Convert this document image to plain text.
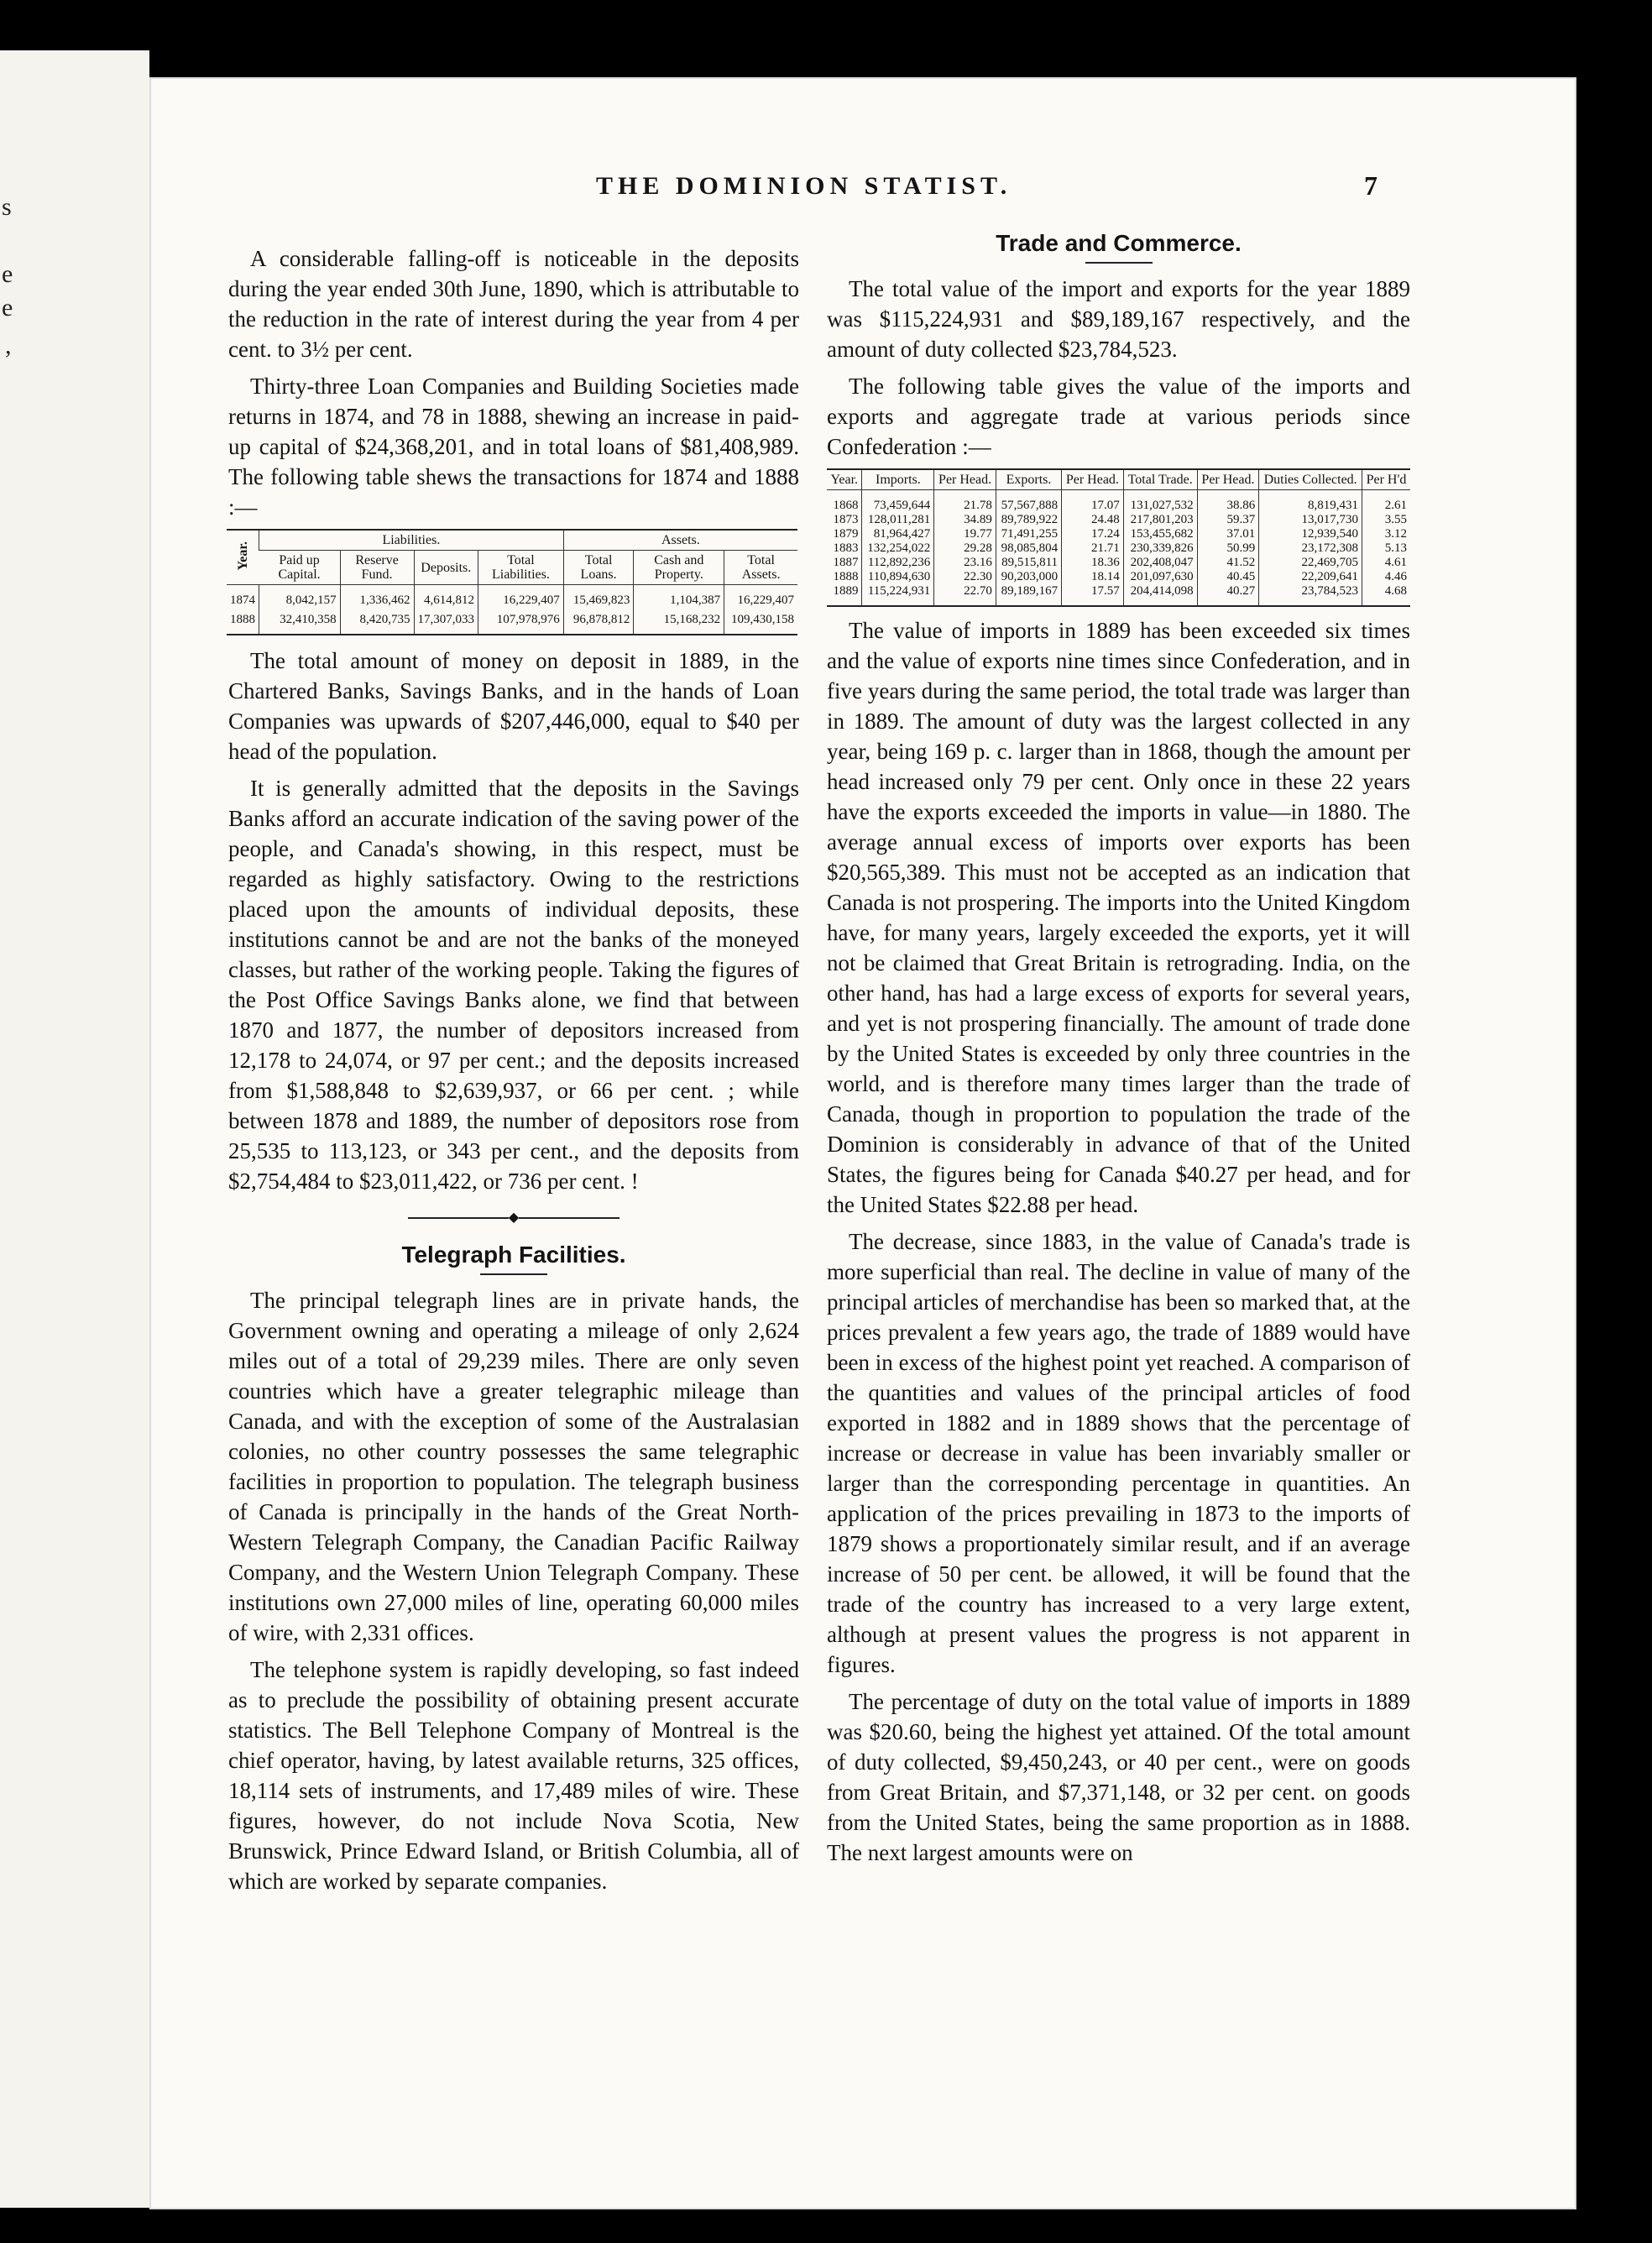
s
e
e
,
THE DOMINION STATIST.	7

A considerable falling-off is noticeable in the deposits during the year ended 30th June, 1890, which is attributable to the reduction in the rate of interest during the year from 4 per cent. to 3½ per cent.

Thirty-three Loan Companies and Building Societies made returns in 1874, and 78 in 1888, shewing an increase in paid-up capital of $24,368,201, and in total loans of $81,408,989. The following table shews the transactions for 1874 and 1888 :—

Year.	Liabilities.				Assets.		
	Paid up Capital.	Reserve Fund.	Deposits.	Total Liabilities.	Total Loans.	Cash and Property.	Total Assets.
1874	8,042,157	1,336,462	4,614,812	16,229,407	15,469,823	1,104,387	16,229,407
1888	32,410,358	8,420,735	17,307,033	107,978,976	96,878,812	15,168,232	109,430,158

The total amount of money on deposit in 1889, in the Chartered Banks, Savings Banks, and in the hands of Loan Companies was upwards of $207,446,000, equal to $40 per head of the population.

It is generally admitted that the deposits in the Savings Banks afford an accurate indication of the saving power of the people, and Canada's showing, in this respect, must be regarded as highly satisfactory. Owing to the restrictions placed upon the amounts of individual deposits, these institutions cannot be and are not the banks of the moneyed classes, but rather of the working people. Taking the figures of the Post Office Savings Banks alone, we find that between 1870 and 1877, the number of depositors increased from 12,178 to 24,074, or 97 per cent.; and the deposits increased from $1,588,848 to $2,639,937, or 66 per cent. ; while between 1878 and 1889, the number of depositors rose from 25,535 to 113,123, or 343 per cent., and the deposits from $2,754,484 to $23,011,422, or 736 per cent. !

◆
Telegraph Facilities.

The principal telegraph lines are in private hands, the Government owning and operating a mileage of only 2,624 miles out of a total of 29,239 miles. There are only seven countries which have a greater telegraphic mileage than Canada, and with the exception of some of the Australasian colonies, no other country possesses the same telegraphic facilities in proportion to population. The telegraph business of Canada is principally in the hands of the Great North-Western Telegraph Company, the Canadian Pacific Railway Company, and the Western Union Telegraph Company. These institutions own 27,000 miles of line, operating 60,000 miles of wire, with 2,331 offices.

The telephone system is rapidly developing, so fast indeed as to preclude the possibility of obtaining present accurate statistics. The Bell Telephone Company of Montreal is the chief operator, having, by latest available returns, 325 offices, 18,114 sets of instruments, and 17,489 miles of wire. These figures, however, do not include Nova Scotia, New Brunswick, Prince Edward Island, or British Columbia, all of which are worked by separate companies.

Trade and Commerce.

The total value of the import and exports for the year 1889 was $115,224,931 and $89,189,167 respectively, and the amount of duty collected $23,784,523.

The following table gives the value of the imports and exports and aggregate trade at various periods since Confederation :—

Year.	Imports.	Per Head.	Exports.	Per Head.	Total Trade.	Per Head.	Duties Collected.	Per H'd
1868	73,459,644	21.78	57,567,888	17.07	131,027,532	38.86	8,819,431	2.61
1873	128,011,281	34.89	89,789,922	24.48	217,801,203	59.37	13,017,730	3.55
1879	81,964,427	19.77	71,491,255	17.24	153,455,682	37.01	12,939,540	3.12
1883	132,254,022	29.28	98,085,804	21.71	230,339,826	50.99	23,172,308	5.13
1887	112,892,236	23.16	89,515,811	18.36	202,408,047	41.52	22,469,705	4.61
1888	110,894,630	22.30	90,203,000	18.14	201,097,630	40.45	22,209,641	4.46
1889	115,224,931	22.70	89,189,167	17.57	204,414,098	40.27	23,784,523	4.68

The value of imports in 1889 has been exceeded six times and the value of exports nine times since Confederation, and in five years during the same period, the total trade was larger than in 1889. The amount of duty was the largest collected in any year, being 169 p. c. larger than in 1868, though the amount per head increased only 79 per cent. Only once in these 22 years have the exports exceeded the imports in value—in 1880. The average annual excess of imports over exports has been $20,565,389. This must not be accepted as an indication that Canada is not prospering. The imports into the United Kingdom have, for many years, largely exceeded the exports, yet it will not be claimed that Great Britain is retrograding. India, on the other hand, has had a large excess of exports for several years, and yet is not prospering financially. The amount of trade done by the United States is exceeded by only three countries in the world, and is therefore many times larger than the trade of Canada, though in proportion to population the trade of the Dominion is considerably in advance of that of the United States, the figures being for Canada $40.27 per head, and for the United States $22.88 per head.

The decrease, since 1883, in the value of Canada's trade is more superficial than real. The decline in value of many of the principal articles of merchandise has been so marked that, at the prices prevalent a few years ago, the trade of 1889 would have been in excess of the highest point yet reached. A comparison of the quantities and values of the principal articles of food exported in 1882 and in 1889 shows that the percentage of increase or decrease in value has been invariably smaller or larger than the corresponding percentage in quantities. An application of the prices prevailing in 1873 to the imports of 1879 shows a proportionately similar result, and if an average increase of 50 per cent. be allowed, it will be found that the trade of the country has increased to a very large extent, although at present values the progress is not apparent in figures.

The percentage of duty on the total value of imports in 1889 was $20.60, being the highest yet attained. Of the total amount of duty collected, $9,450,243, or 40 per cent., were on goods from Great Britain, and $7,371,148, or 32 per cent. on goods from the United States, being the same proportion as in 1888. The next largest amounts were on
